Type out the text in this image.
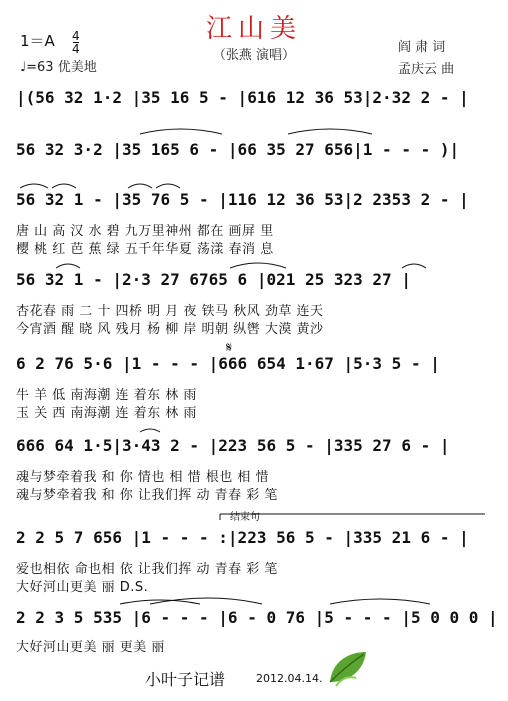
江山美
（张燕 演唱）
1＝A 4
4
♩=63 优美地
阎 肃 词
孟庆云 曲
|(56 32 1·2 |35 16 5 - |616 12 36 53|2·32 2 - |
56 32 3·2 |35 165 6 - |66 35 27 656|1 - - - )|
56 32 1 - |35 76 5 - |116 12 36 53|2 2353 2 - |
唐 山 高 汉 水 碧 九万里神州 都在 画屏 里
樱 桃 红 芭 蕉 绿 五千年华夏 荡漾 春消 息
56 32 1 - |2·3 27 6765 6 |021 25 323 27 |
杏花春 雨 二 十 四桥 明 月 夜 铁马 秋风 劲草 连天
今宵酒 醒 晓 风 残月 杨 柳 岸 明朝 纵辔 大漠 黄沙
6 2 76 5·6 |1 - - - |666 654 1·67 |5·3 5 - |
牛 羊 低 南海潮 连 着东 林 雨
玉 关 西 南海潮 连 着东 林 雨
666 64 1·5|3·43 2 - |223 56 5 - |335 27 6 - |
魂与梦牵着我 和 你 情也 相 惜 根也 相 惜
魂与梦牵着我 和 你 让我们挥 动 青春 彩 笔
结束句
2 2 5 7 656 |1 - - - :|223 56 5 - |335 21 6 - |
爱也相依 命也相 依 让我们挥 动 青春 彩 笔
大好河山更美 丽 D.S.
2 2 3 5 535 |6 - - - |6 - 0 76 |5 - - - |5 0 0 0 |
大好河山更美 丽 更美 丽
𝄋
小叶子记谱	2012.04.14.
